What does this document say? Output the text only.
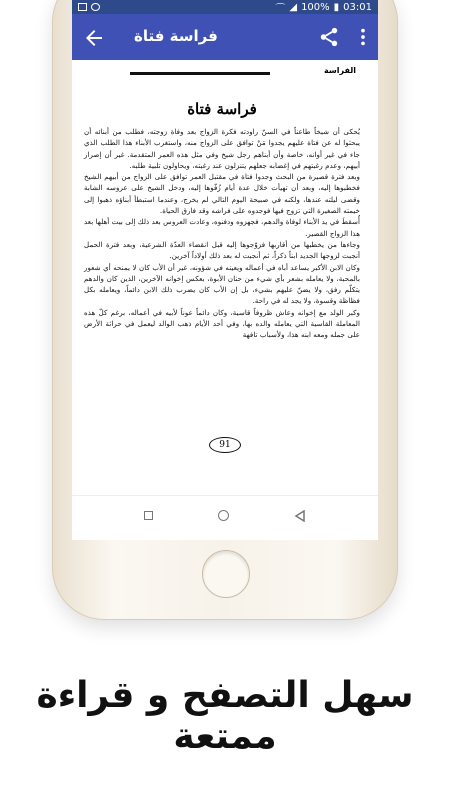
⌒ ◢ 100% ▮ 03:01
فراسة فتاة
الفراسة
فراسة فتاة

يُحكى أن شيخاً طاعناً في السنّ راودته فكرة الزواج بعد وفاة زوجته، فطلب من أبنائه أن يبحثوا له عن فتاة عليهم يجدوا مَنْ توافق على الزواج منه، واستغرب الأبناء هذا الطلب الذي جاء في غير أوانه، خاصة وأن أبناهم رجل شيخ وفي مثل هذه العمر المتقدمة. غير أن إصرار أبيهم، وعدم رغبتهم في إغضابه جعلهم يتنزلون عند رغبته، ويحاولون تلبية طلبه.

وبعد فترة قصيرة من البحث وجدوا فتاة في مقتبل العمر توافق على الزواج من أبيهم الشيخ فخطبوها إليه، وبعد أن تهيأت خلال عدة أيام زُفّوها إليه، ودخل الشيخ على عروسه الشابة وقضى ليلته عندها، ولكنه في صبيحة اليوم التالي لم يخرج، وعندما استبطأ أبناؤه ذهبوا إلى خيمته الصغيرة التي تزوج فيها فوجدوه على فراشه وقد فارق الحياة.

أُسقطَ في يد الأبناء لوفاة والدهم، فجهزوه ودفنوه، وعادت العروس بعد ذلك إلى بيت أهلها بعد هذا الزواج القصير.

وجاءها من يخطبها من أقاربها فزوّجوها إليه قبل انقضاء العدّة الشرعية، وبعد فترة الحمل أنجبت لزوجها الجديد ابناً ذكراً، ثم أنجبت له بعد ذلك أولاداً آخرين.

وكان الابن الأكبر يساعد أباه في أعماله ويعينه في شؤونه، غير أن الأب كان لا يمنحه أي شعور بالمحبة، ولا يعامله بشعر بأي شيء من حنان الأبوة، بعكس إخوانه الآخرين، الذين كان والدهم يتكلّم رفق، ولا يضنّ عليهم بشيء، بل إن الأب كان يضرب ذلك الابن دائماً، ويعامله بكل فظاظة وقسوة، ولا يجد له في راحة.

وكبر الولد مع إخوانه وعاش ظروفاً قاسية، وكان دائماً عوناً لأبيه في أعماله، برغم كلّ هذه المعاملة القاسية التي يعامله والده بها، وفي أحد الأيام ذهب الوالد ليعمل في حراثة الأرض على جمله ومعه ابنه هذا، ولأسباب تافهة

91
سهل التصفح و قراءة ممتعة
